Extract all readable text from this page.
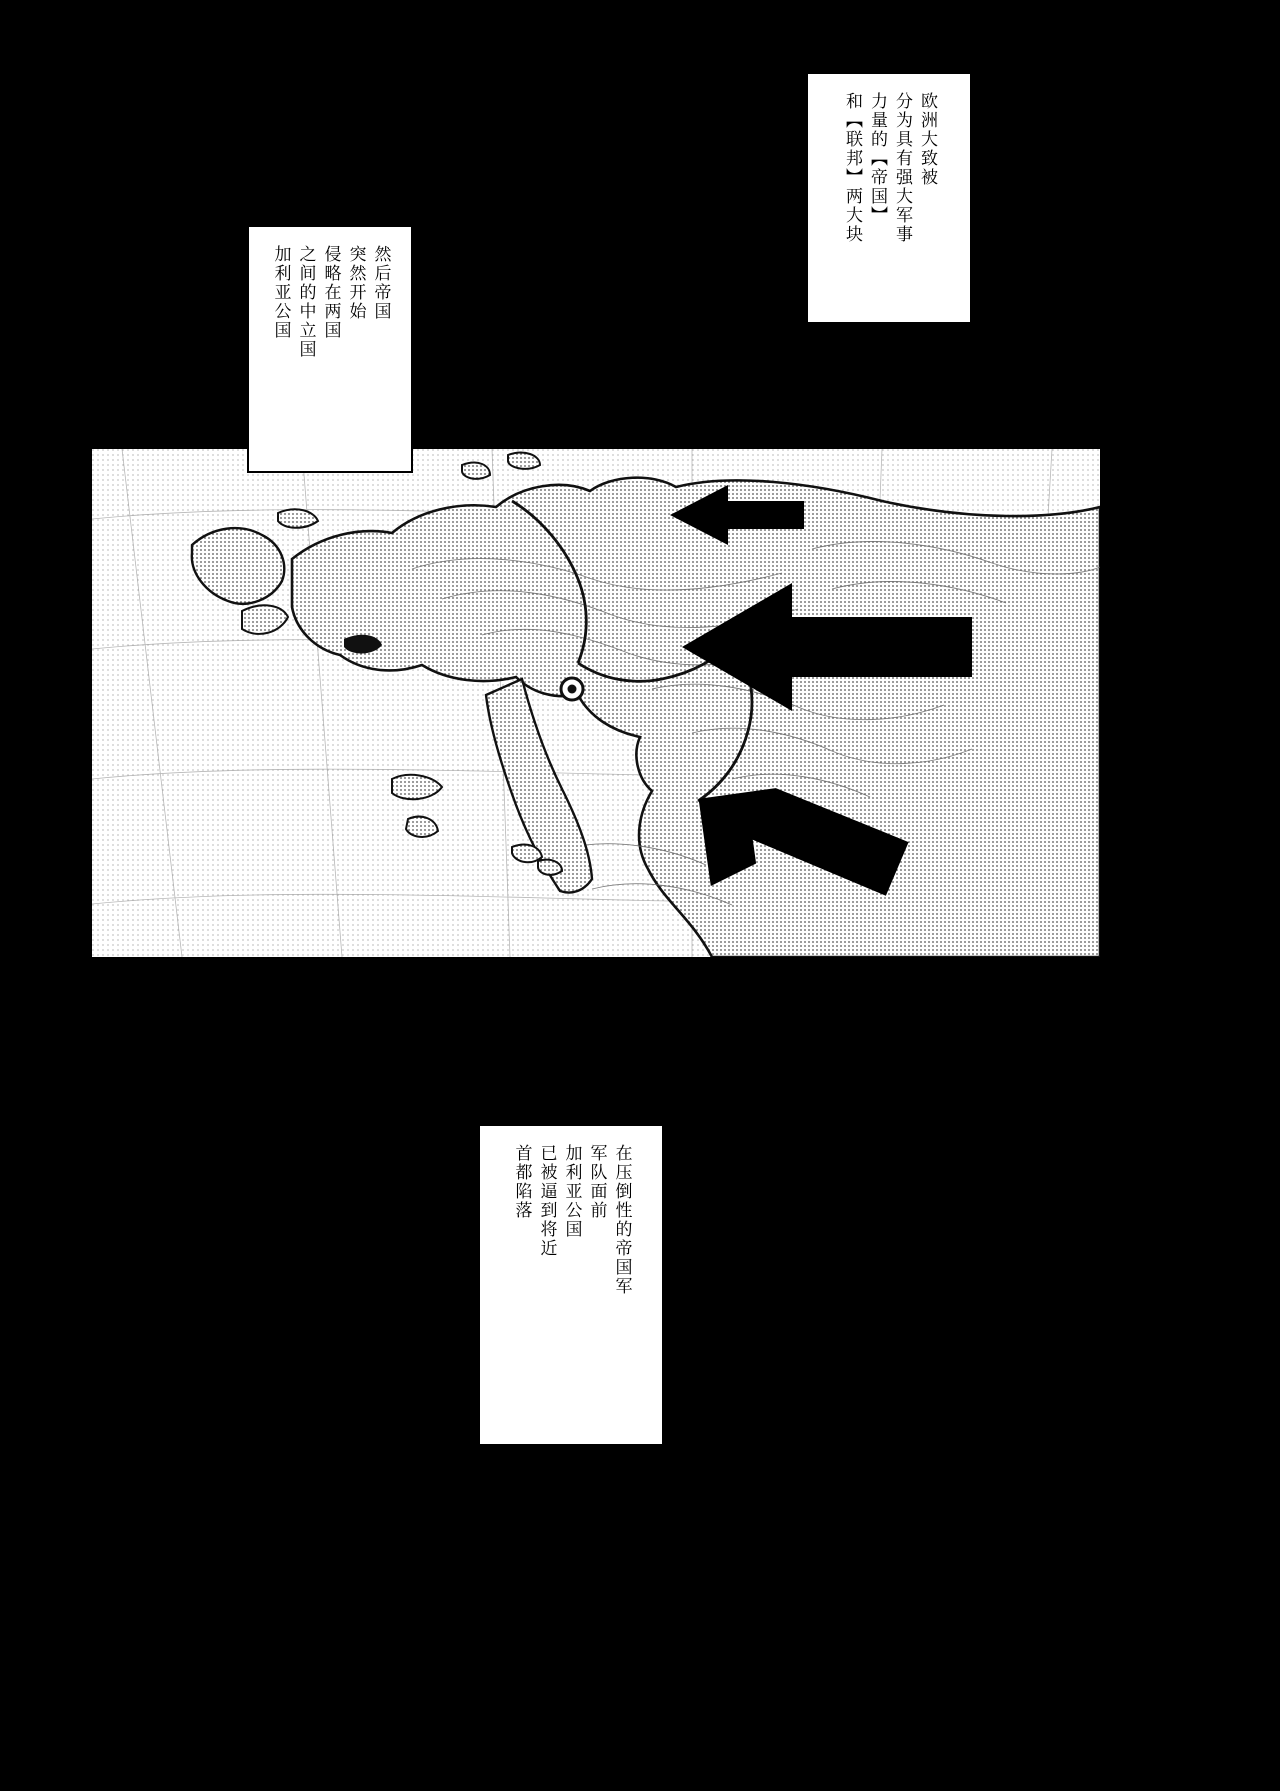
欧洲大致被
分为具有强大军事
力量的【帝国】
和【联邦】两大块
然后帝国
突然开始
侵略在两国
之间的中立国
加利亚公国
在压倒性的帝国军
军队面前
加利亚公国
已被逼到将近
首都陷落
